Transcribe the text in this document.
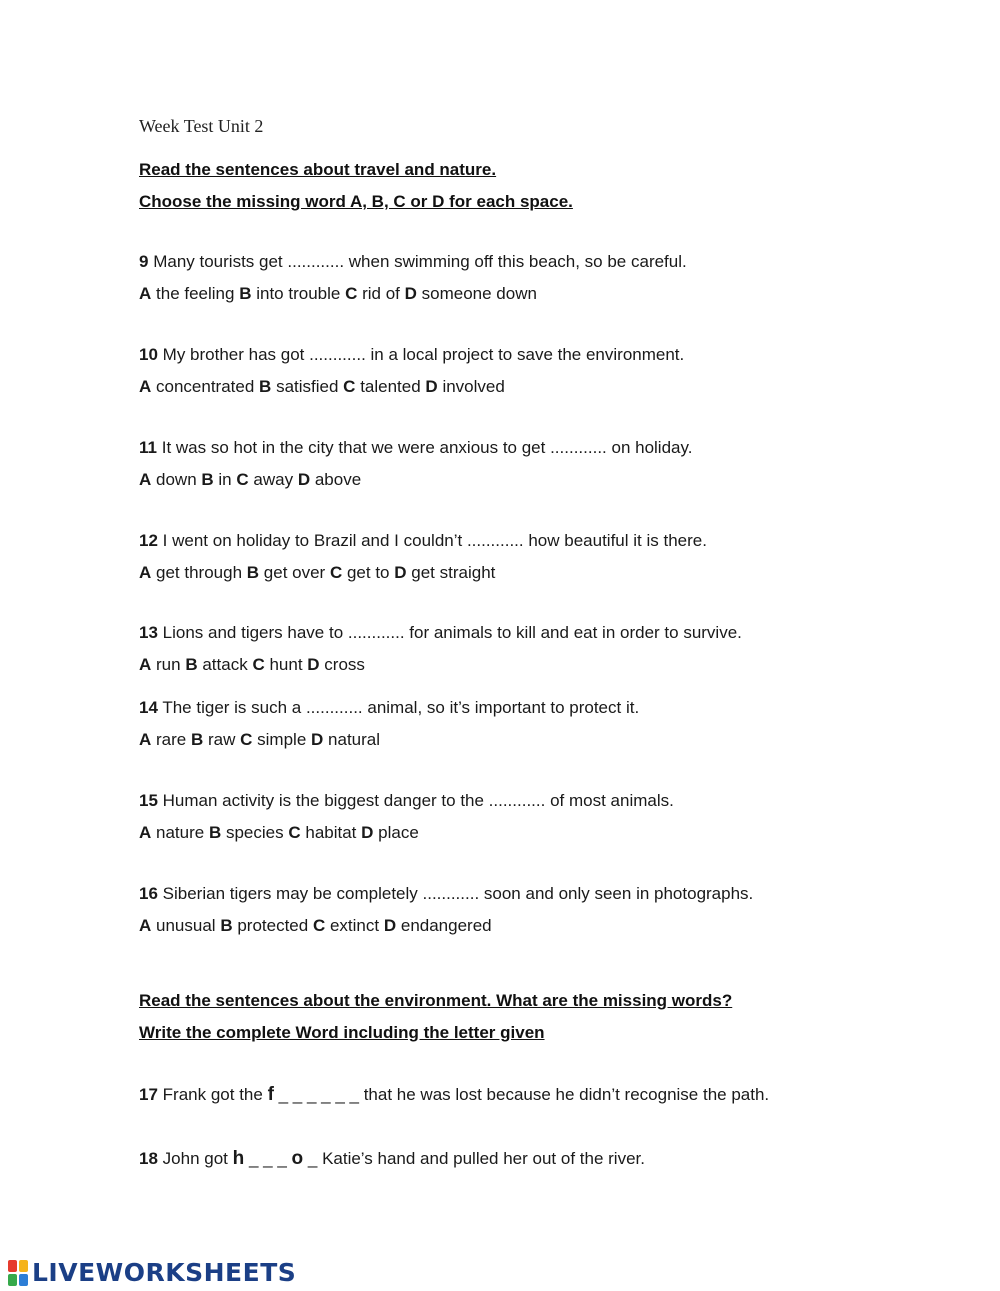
Week Test Unit 2
Read the sentences about travel and nature.
Choose the missing word A, B, C or D for each space.
9 Many tourists get ............ when swimming off this beach, so be careful.
A the feeling B into trouble C rid of D someone down
10 My brother has got ............ in a local project to save the environment.
A concentrated B satisfied C talented D involved
11 It was so hot in the city that we were anxious to get ............ on holiday.
A down B in C away D above
12 I went on holiday to Brazil and I couldn’t ............ how beautiful it is there.
A get through B get over C get to D get straight
13 Lions and tigers have to ............ for animals to kill and eat in order to survive.
A run B attack C hunt D cross
14 The tiger is such a ............ animal, so it’s important to protect it.
A rare B raw C simple D natural
15 Human activity is the biggest danger to the ............ of most animals.
A nature B species C habitat D place
16 Siberian tigers may be completely ............ soon and only seen in photographs.
A unusual B protected C extinct D endangered
Read the sentences about the environment. What are the missing words?
Write the complete Word including the letter given
17 Frank got the f _ _ _ _ _ _ that he was lost because he didn’t recognise the path.
18 John got h _ _ _ o _ Katie’s hand and pulled her out of the river.
LIVEWORKSHEETS
